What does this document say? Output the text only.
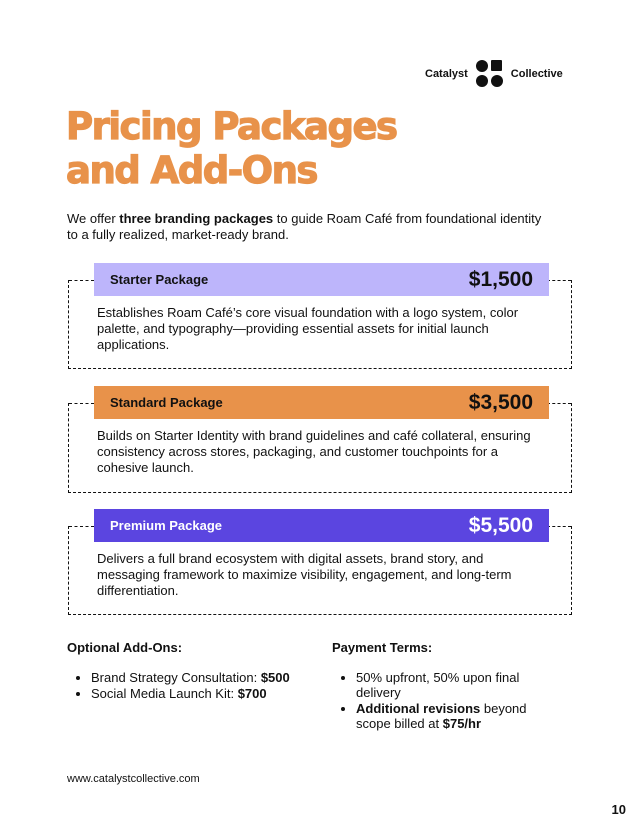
Catalyst	Collective
Pricing Packages
and Add-Ons

We offer three branding packages to guide Roam Café from foundational identity to a fully realized, market-ready brand.

Starter Package	$1,500

Establishes Roam Café’s core visual foundation with a logo system, color palette, and typography—providing essential assets for initial launch applications.

Standard Package	$3,500

Builds on Starter Identity with brand guidelines and café collateral, ensuring consistency across stores, packaging, and customer touchpoints for a cohesive launch.

Premium Package	$5,500

Delivers a full brand ecosystem with digital assets, brand story, and messaging framework to maximize visibility, engagement, and long-term differentiation.

Optional Add-Ons:
• Brand Strategy Consultation: $500
• Social Media Launch Kit: $700
Payment Terms:
• 50% upfront, 50% upon final delivery
• Additional revisions beyond scope billed at $75/hr
www.catalystcollective.com
10
